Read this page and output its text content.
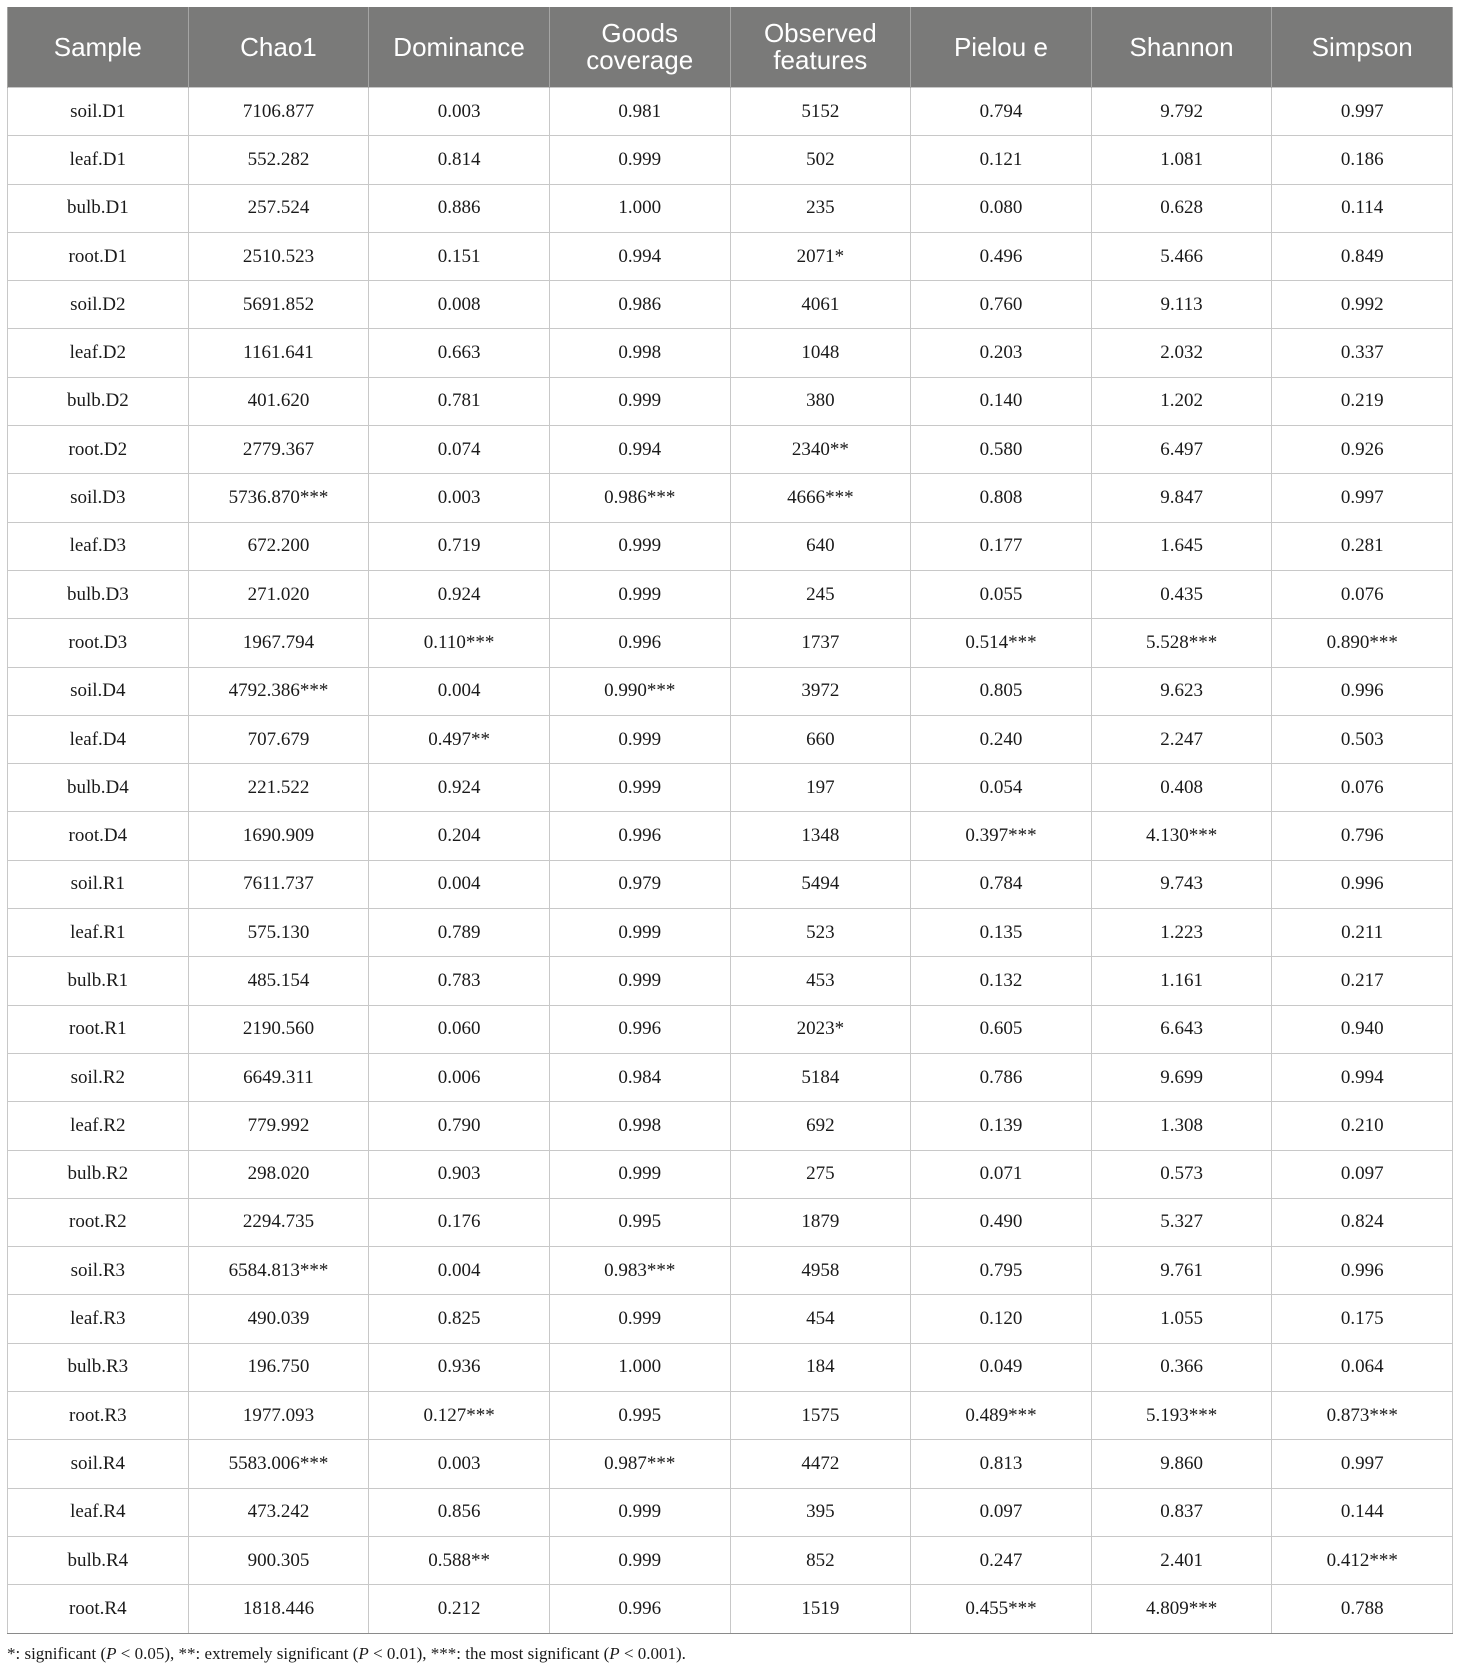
Sample	Chao1	Dominance	Goods coverage	Observed features	Pielou e	Shannon	Simpson
soil.D1	7106.877	0.003	0.981	5152	0.794	9.792	0.997
leaf.D1	552.282	0.814	0.999	502	0.121	1.081	0.186
bulb.D1	257.524	0.886	1.000	235	0.080	0.628	0.114
root.D1	2510.523	0.151	0.994	2071*	0.496	5.466	0.849
soil.D2	5691.852	0.008	0.986	4061	0.760	9.113	0.992
leaf.D2	1161.641	0.663	0.998	1048	0.203	2.032	0.337
bulb.D2	401.620	0.781	0.999	380	0.140	1.202	0.219
root.D2	2779.367	0.074	0.994	2340**	0.580	6.497	0.926
soil.D3	5736.870***	0.003	0.986***	4666***	0.808	9.847	0.997
leaf.D3	672.200	0.719	0.999	640	0.177	1.645	0.281
bulb.D3	271.020	0.924	0.999	245	0.055	0.435	0.076
root.D3	1967.794	0.110***	0.996	1737	0.514***	5.528***	0.890***
soil.D4	4792.386***	0.004	0.990***	3972	0.805	9.623	0.996
leaf.D4	707.679	0.497**	0.999	660	0.240	2.247	0.503
bulb.D4	221.522	0.924	0.999	197	0.054	0.408	0.076
root.D4	1690.909	0.204	0.996	1348	0.397***	4.130***	0.796
soil.R1	7611.737	0.004	0.979	5494	0.784	9.743	0.996
leaf.R1	575.130	0.789	0.999	523	0.135	1.223	0.211
bulb.R1	485.154	0.783	0.999	453	0.132	1.161	0.217
root.R1	2190.560	0.060	0.996	2023*	0.605	6.643	0.940
soil.R2	6649.311	0.006	0.984	5184	0.786	9.699	0.994
leaf.R2	779.992	0.790	0.998	692	0.139	1.308	0.210
bulb.R2	298.020	0.903	0.999	275	0.071	0.573	0.097
root.R2	2294.735	0.176	0.995	1879	0.490	5.327	0.824
soil.R3	6584.813***	0.004	0.983***	4958	0.795	9.761	0.996
leaf.R3	490.039	0.825	0.999	454	0.120	1.055	0.175
bulb.R3	196.750	0.936	1.000	184	0.049	0.366	0.064
root.R3	1977.093	0.127***	0.995	1575	0.489***	5.193***	0.873***
soil.R4	5583.006***	0.003	0.987***	4472	0.813	9.860	0.997
leaf.R4	473.242	0.856	0.999	395	0.097	0.837	0.144
bulb.R4	900.305	0.588**	0.999	852	0.247	2.401	0.412***
root.R4	1818.446	0.212	0.996	1519	0.455***	4.809***	0.788
*: significant (P < 0.05), **: extremely significant (P < 0.01), ***: the most significant (P < 0.001).
